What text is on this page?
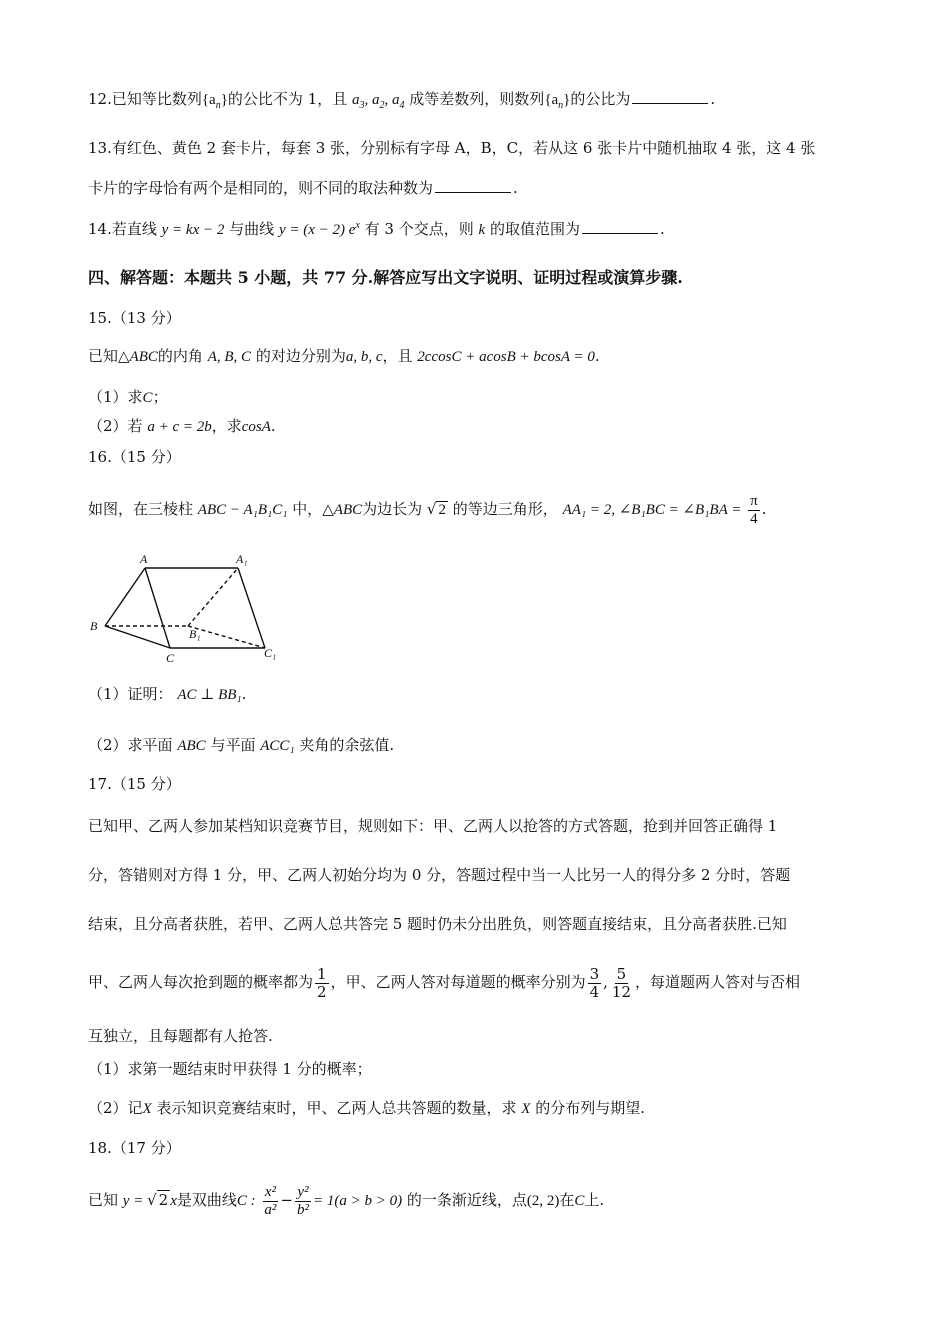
12.已知等比数列$\{a_n\}$的公比不为 1，且 $a_3$, $a_2$, $a_4$ 成等差数列，则数列$\{a_n\}$的公比为	.
13.有红色、黄色 2 套卡片，每套 3 张，分别标有字母 A，B，C，若从这 6 张卡片中随机抽取 4 张，这 4 张
卡片的字母恰有两个是相同的，则不同的取法种数为	.
14.若直线 y = kx − 2 与曲线 y = (x − 2) $e^x$ 有 3 个交点，则 k 的取值范围为	.
四、解答题：本题共 5 小题，共 77 分.解答应写出文字说明、证明过程或演算步骤.
15.（13 分）
已知△ABC的内角 A, B, C 的对边分别为a, b, c，且 2ccosC + acosB + bcosA = 0.
（1）求C；
（2）若 a + c = 2b，求cosA.
16.（15 分）
如图，在三棱柱 ABC − A₁B₁C₁ 中，△ABC为边长为 √ 2 的等边三角形， AA₁ = 2, ∠B₁BC = ∠B₁BA = $\frac{\pi}{4}$ .
A	A₁
B
B₁
C	C₁
（1）证明： AC ⊥ BB₁.
（2）求平面 ABC 与平面 ACC₁ 夹角的余弦值.
17.（15 分）
已知甲、乙两人参加某档知识竞赛节目，规则如下：甲、乙两人以抢答的方式答题，抢到并回答正确得 1
分，答错则对方得 1 分，甲、乙两人初始分均为 0 分，答题过程中当一人比另一人的得分多 2 分时，答题
结束，且分高者获胜，若甲、乙两人总共答完 5 题时仍未分出胜负，则答题直接结束，且分高者获胜.已知
甲、乙两人每次抢到题的概率都为 $\frac{1}{2}$ ，甲、乙两人答对每道题的概率分别为 $\frac{3}{4}$ , $\frac{5}{12}$ ，每道题两人答对与否相
互独立，且每题都有人抢答.
（1）求第一题结束时甲获得 1 分的概率；
（2）记X 表示知识竞赛结束时，甲、乙两人总共答题的数量，求 X 的分布列与期望.
18.（17 分）
已知 y = √ 2 x是双曲线C : $\frac{\text{x²}}{\text{a²}} - \frac{\text{y²}}{\text{b²}} = 1(a > b > 0)$ 的一条渐近线，点(2, 2)在C上.
